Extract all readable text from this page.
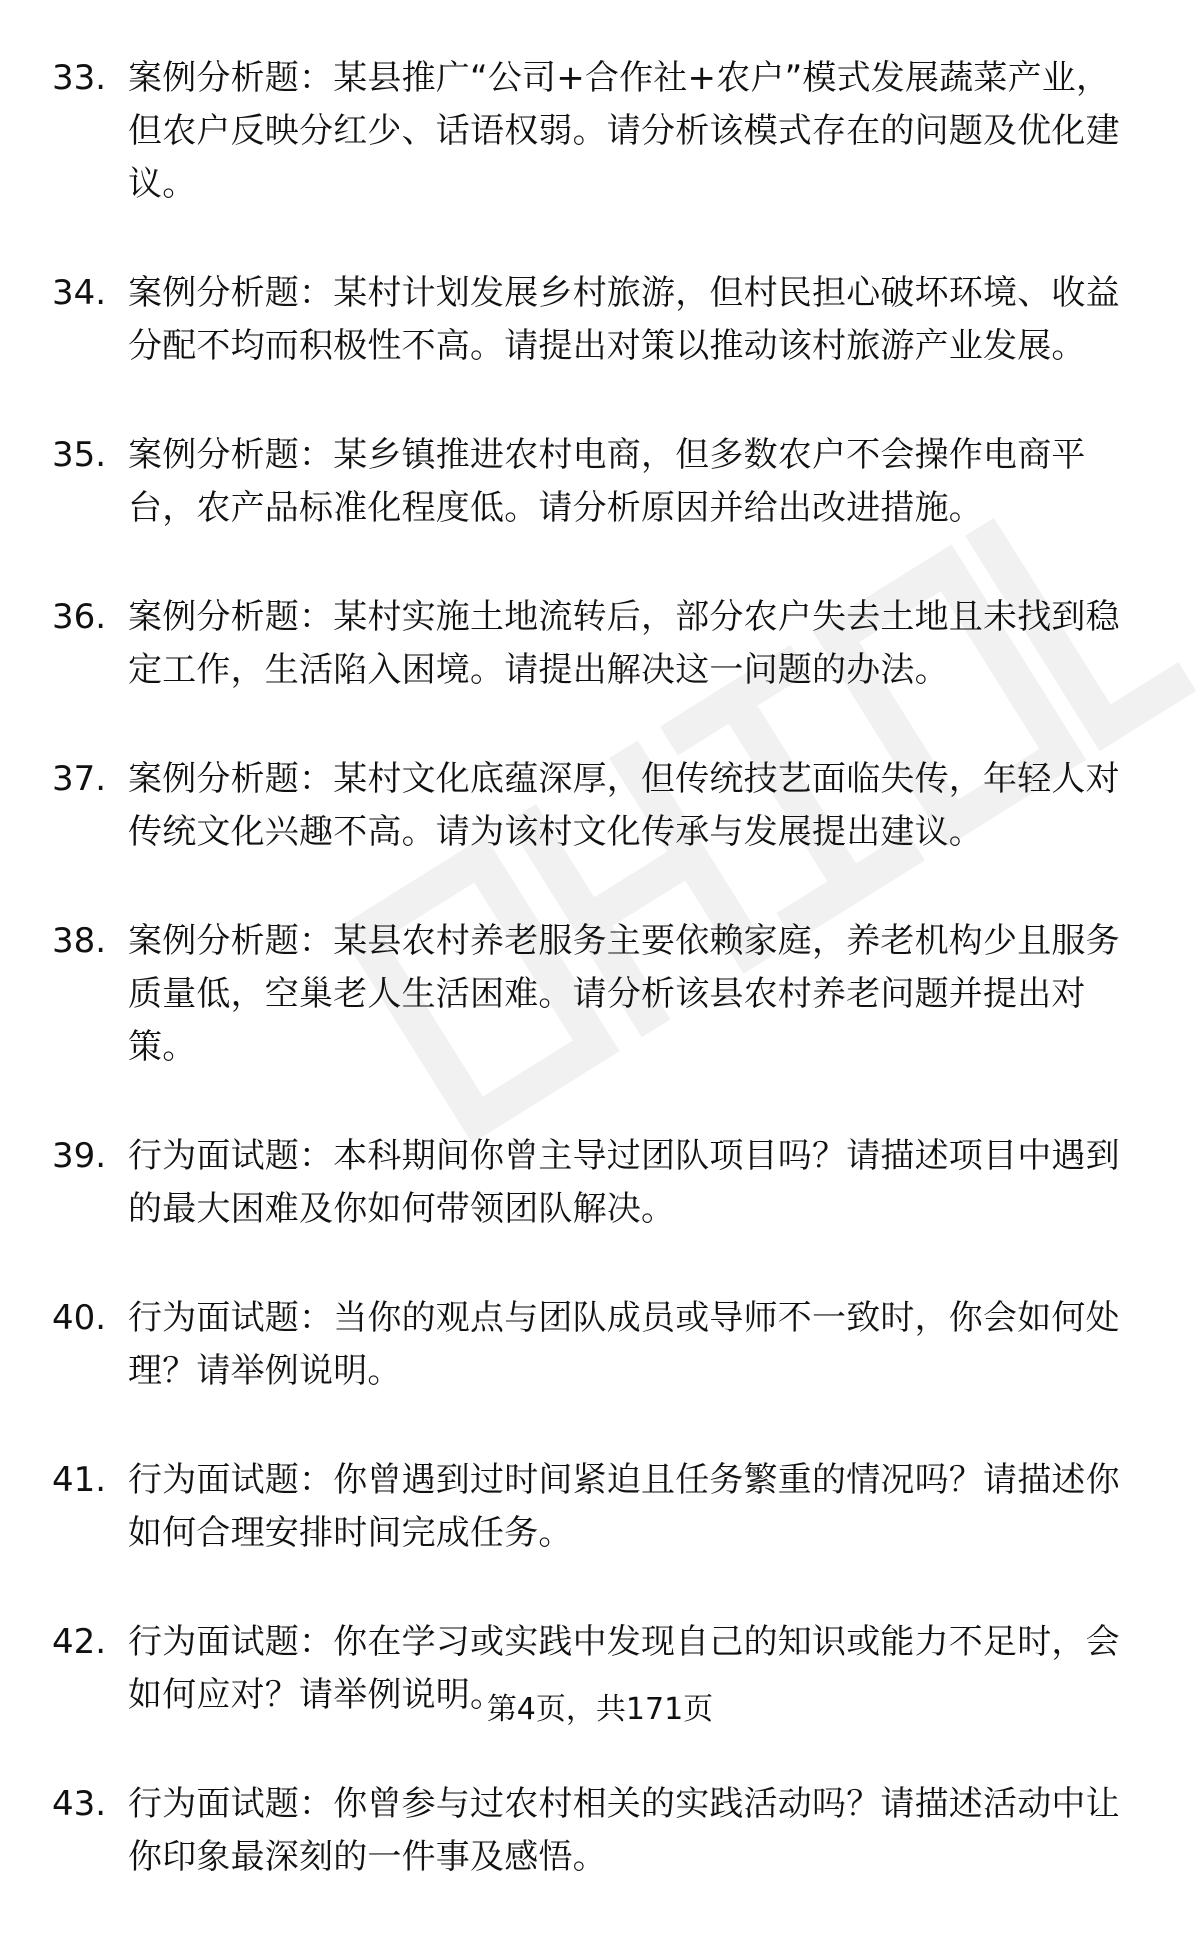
33. 案例分析题：某县推广“公司+合作社+农户”模式发展蔬菜产业，但农户反映分红少、话语权弱。请分析该模式存在的问题及优化建议。
34. 案例分析题：某村计划发展乡村旅游，但村民担心破坏环境、收益分配不均而积极性不高。请提出对策以推动该村旅游产业发展。
35. 案例分析题：某乡镇推进农村电商，但多数农户不会操作电商平台，农产品标准化程度低。请分析原因并给出改进措施。
36. 案例分析题：某村实施土地流转后，部分农户失去土地且未找到稳定工作，生活陷入困境。请提出解决这一问题的办法。
37. 案例分析题：某村文化底蕴深厚，但传统技艺面临失传，年轻人对传统文化兴趣不高。请为该村文化传承与发展提出建议。
38. 案例分析题：某县农村养老服务主要依赖家庭，养老机构少且服务质量低，空巢老人生活困难。请分析该县农村养老问题并提出对策。
39. 行为面试题：本科期间你曾主导过团队项目吗？请描述项目中遇到的最大困难及你如何带领团队解决。
40. 行为面试题：当你的观点与团队成员或导师不一致时，你会如何处理？请举例说明。
41. 行为面试题：你曾遇到过时间紧迫且任务繁重的情况吗？请描述你如何合理安排时间完成任务。
42. 行为面试题：你在学习或实践中发现自己的知识或能力不足时，会如何应对？请举例说明。
43. 行为面试题：你曾参与过农村相关的实践活动吗？请描述活动中让你印象最深刻的一件事及感悟。
第4页，共171页
